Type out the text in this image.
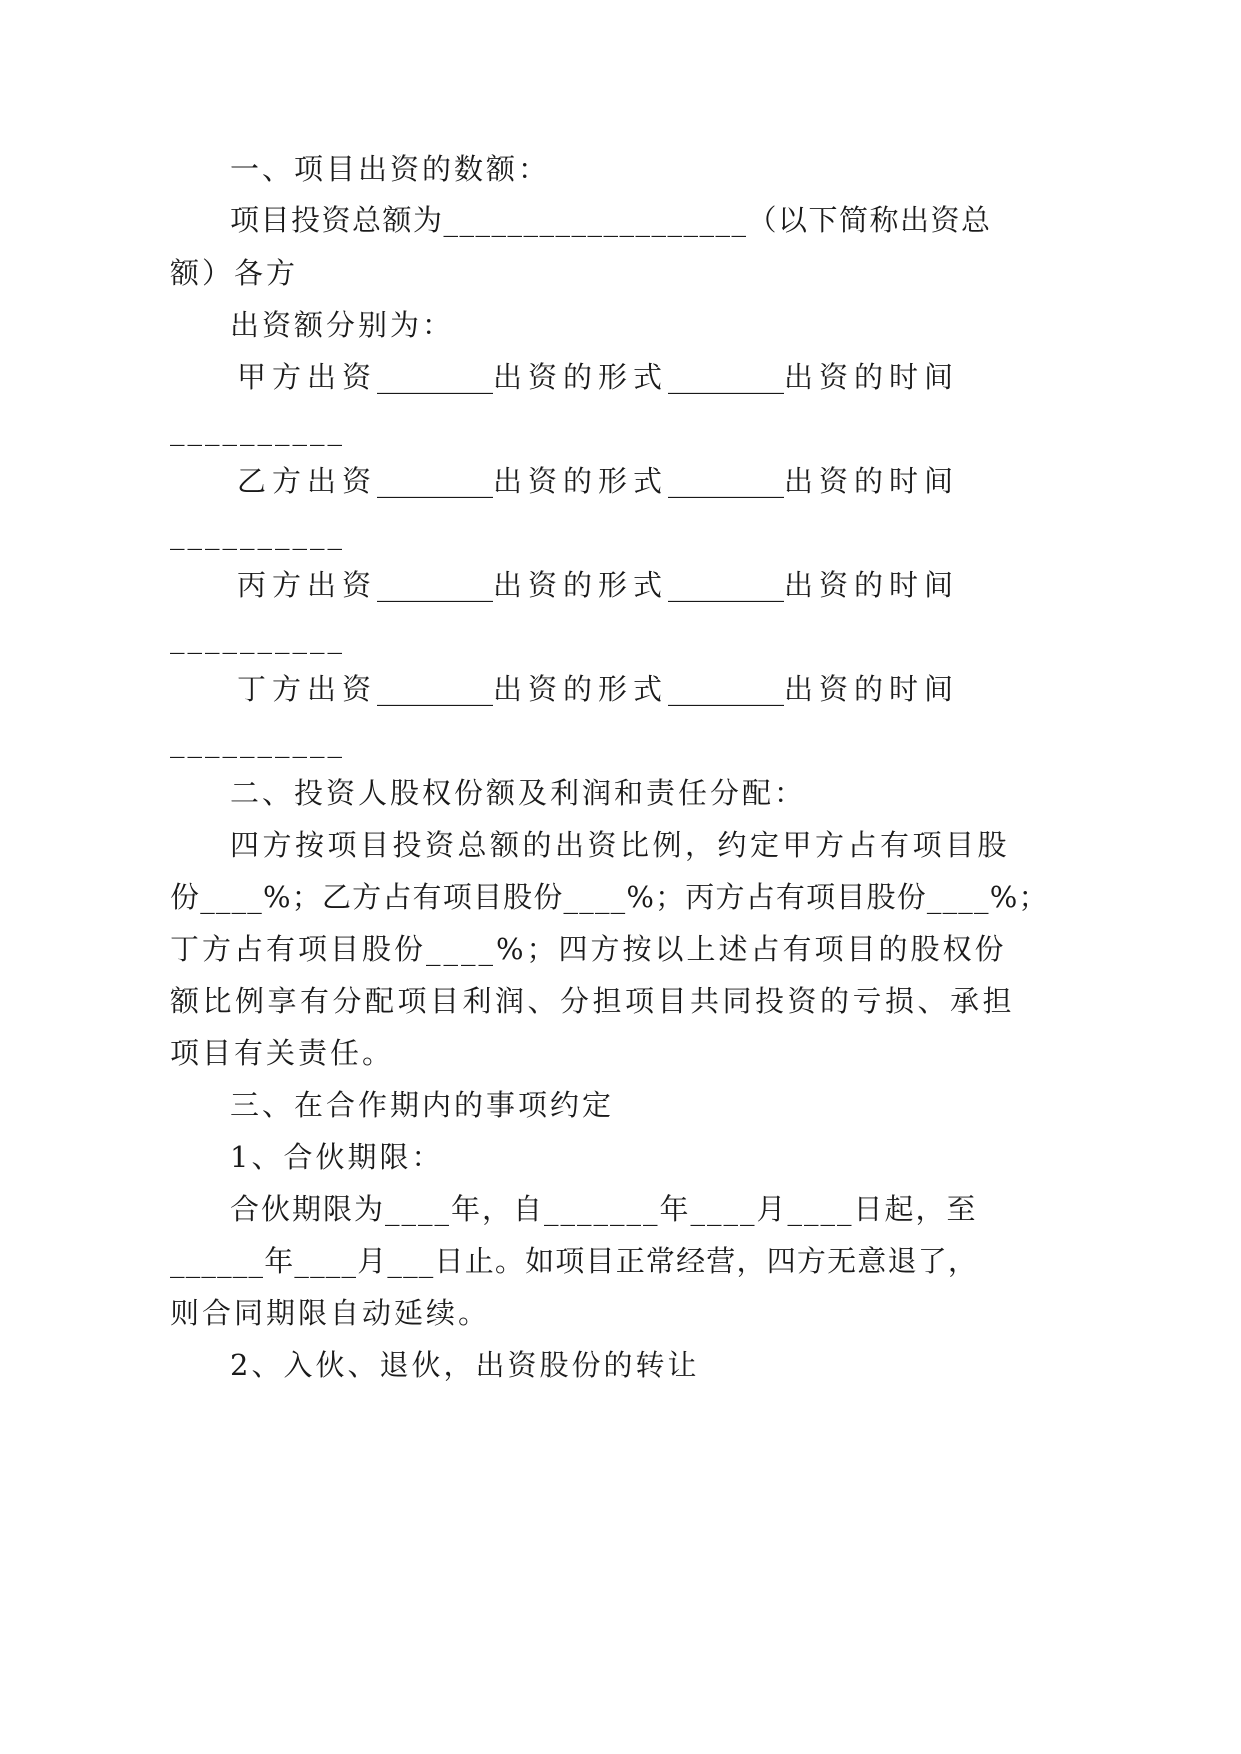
一、项目出资的数额：
项目投资总额为___________________（以下简称出资总
额）各方
出资额分别为：
甲方出资 ________ 出资的形式 ________ 出资的时间
__________
乙方出资 ________ 出资的形式 ________ 出资的时间
__________
丙方出资 ________ 出资的形式 ________ 出资的时间
__________
丁方出资 ________ 出资的形式 ________ 出资的时间
__________
二、投资人股权份额及利润和责任分配：
四方按项目投资总额的出资比例，约定甲方占有项目股
份____%；乙方占有项目股份____%；丙方占有项目股份____%；
丁方占有项目股份____%；四方按以上述占有项目的股权份
额比例享有分配项目利润、分担项目共同投资的亏损、承担
项目有关责任。
三、在合作期内的事项约定
1、合伙期限：
合伙期限为____年，自_______年____月____日起，至
______年____月___日止。如项目正常经营，四方无意退了，
则合同期限自动延续。
2、入伙、退伙，出资股份的转让
